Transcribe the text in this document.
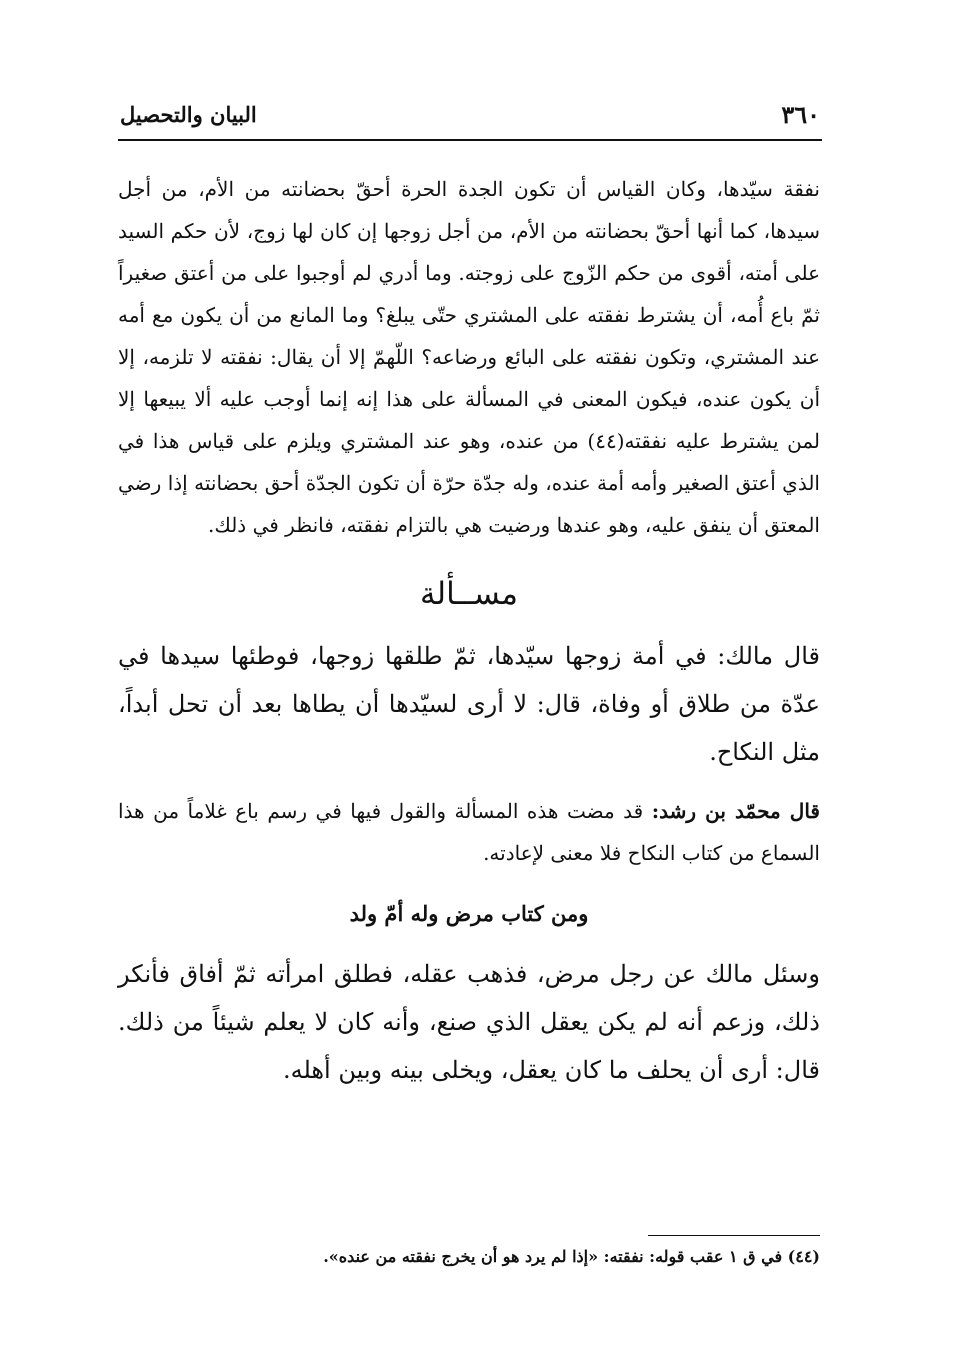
٣٦٠
البيان والتحصيل

نفقة سيّدها، وكان القياس أن تكون الجدة الحرة أحقّ بحضانته من الأم، من أجل سيدها، كما أنها أحقّ بحضانته من الأم، من أجل زوجها إن كان لها زوج، لأن حكم السيد على أمته، أقوى من حكم الزّوج على زوجته. وما أدري لم أوجبوا على من أعتق صغيراً ثمّ باع أُمه، أن يشترط نفقته على المشتري حتّى يبلغ؟ وما المانع من أن يكون مع أمه عند المشتري، وتكون نفقته على البائع ورضاعه؟ اللّهمّ إلا أن يقال: نفقته لا تلزمه، إلا أن يكون عنده، فيكون المعنى في المسألة على هذا إنه إنما أوجب عليه ألا يبيعها إلا لمن يشترط عليه نفقته(٤٤) من عنده، وهو عند المشتري ويلزم على قياس هذا في الذي أعتق الصغير وأمه أمة عنده، وله جدّة حرّة أن تكون الجدّة أحق بحضانته إذا رضي المعتق أن ينفق عليه، وهو عندها ورضيت هي بالتزام نفقته، فانظر في ذلك.

مســألة

قال مالك: في أمة زوجها سيّدها، ثمّ طلقها زوجها، فوطئها سيدها في عدّة من طلاق أو وفاة، قال: لا أرى لسيّدها أن يطاها بعد أن تحل أبداً، مثل النكاح.

قال محمّد بن رشد: قد مضت هذه المسألة والقول فيها في رسم باع غلاماً من هذا السماع من كتاب النكاح فلا معنى لإعادته.

ومن كتاب مرض وله أمّ ولد

وسئل مالك عن رجل مرض، فذهب عقله، فطلق امرأته ثمّ أفاق فأنكر ذلك، وزعم أنه لم يكن يعقل الذي صنع، وأنه كان لا يعلم شيئاً من ذلك. قال: أرى أن يحلف ما كان يعقل، ويخلى بينه وبين أهله.

(٤٤) في ق ١ عقب قوله: نفقته: «إذا لم يرد هو أن يخرج نفقته من عنده».
